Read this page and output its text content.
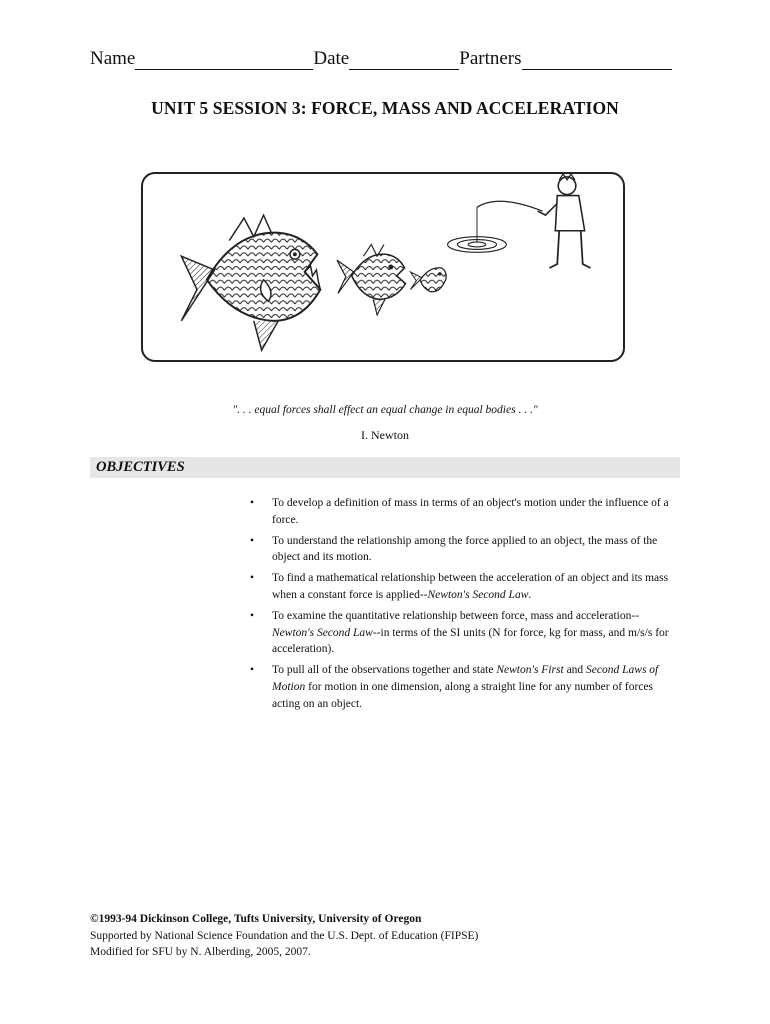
Name	Date	Partners
UNIT 5 SESSION 3: FORCE, MASS AND ACCELERATION
". . . equal forces shall effect an equal change in equal bodies . . ."
I. Newton
OBJECTIVES
• To develop a definition of mass in terms of an object's motion under the influence of a force.
• To understand the relationship among the force applied to an object, the mass of the object and its motion.
• To find a mathematical relationship between the acceleration of an object and its mass when a constant force is applied--Newton's Second Law.
• To examine the quantitative relationship between force, mass and acceleration--Newton's Second Law--in terms of the SI units (N for force, kg for mass, and m/s/s for acceleration).
• To pull all of the observations together and state Newton's First and Second Laws of Motion for motion in one dimension, along a straight line for any number of forces acting on an object.
©1993-94 Dickinson College, Tufts University, University of Oregon
Supported by National Science Foundation and the U.S. Dept. of Education (FIPSE)
Modified for SFU by N. Alberding, 2005, 2007.
